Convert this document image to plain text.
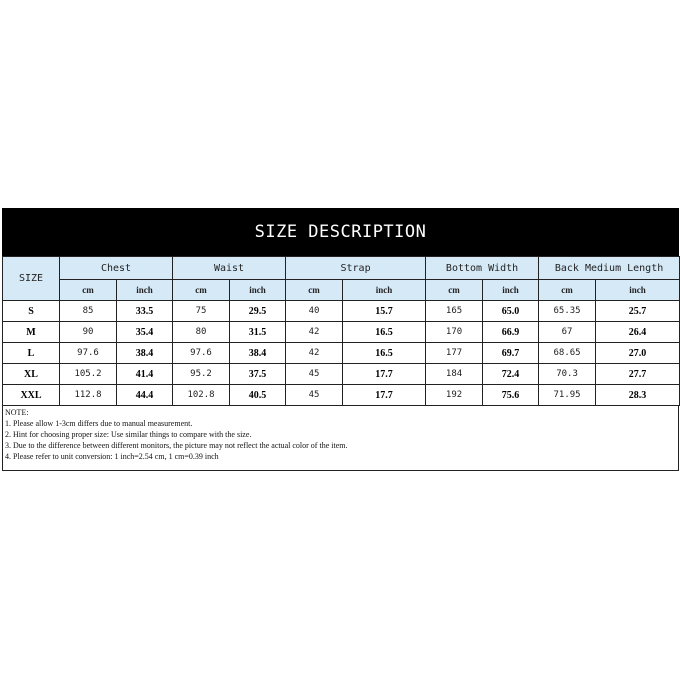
SIZE DESCRIPTION
SIZE	Chest		Waist		Strap		Bottom Width		Back Medium Length	
	cm	inch	cm	inch	cm	inch	cm	inch	cm	inch
S	85	33.5	75	29.5	40	15.7	165	65.0	65.35	25.7
M	90	35.4	80	31.5	42	16.5	170	66.9	67	26.4
L	97.6	38.4	97.6	38.4	42	16.5	177	69.7	68.65	27.0
XL	105.2	41.4	95.2	37.5	45	17.7	184	72.4	70.3	27.7
XXL	112.8	44.4	102.8	40.5	45	17.7	192	75.6	71.95	28.3
NOTE:
1. Please allow 1-3cm differs due to manual measurement.
2. Hint for choosing proper size: Use similar things to compare with the size.
3. Due to the difference between different monitors, the picture may not reflect the actual color of the item.
4. Please refer to unit conversion: 1 inch=2.54 cm, 1 cm=0.39 inch
